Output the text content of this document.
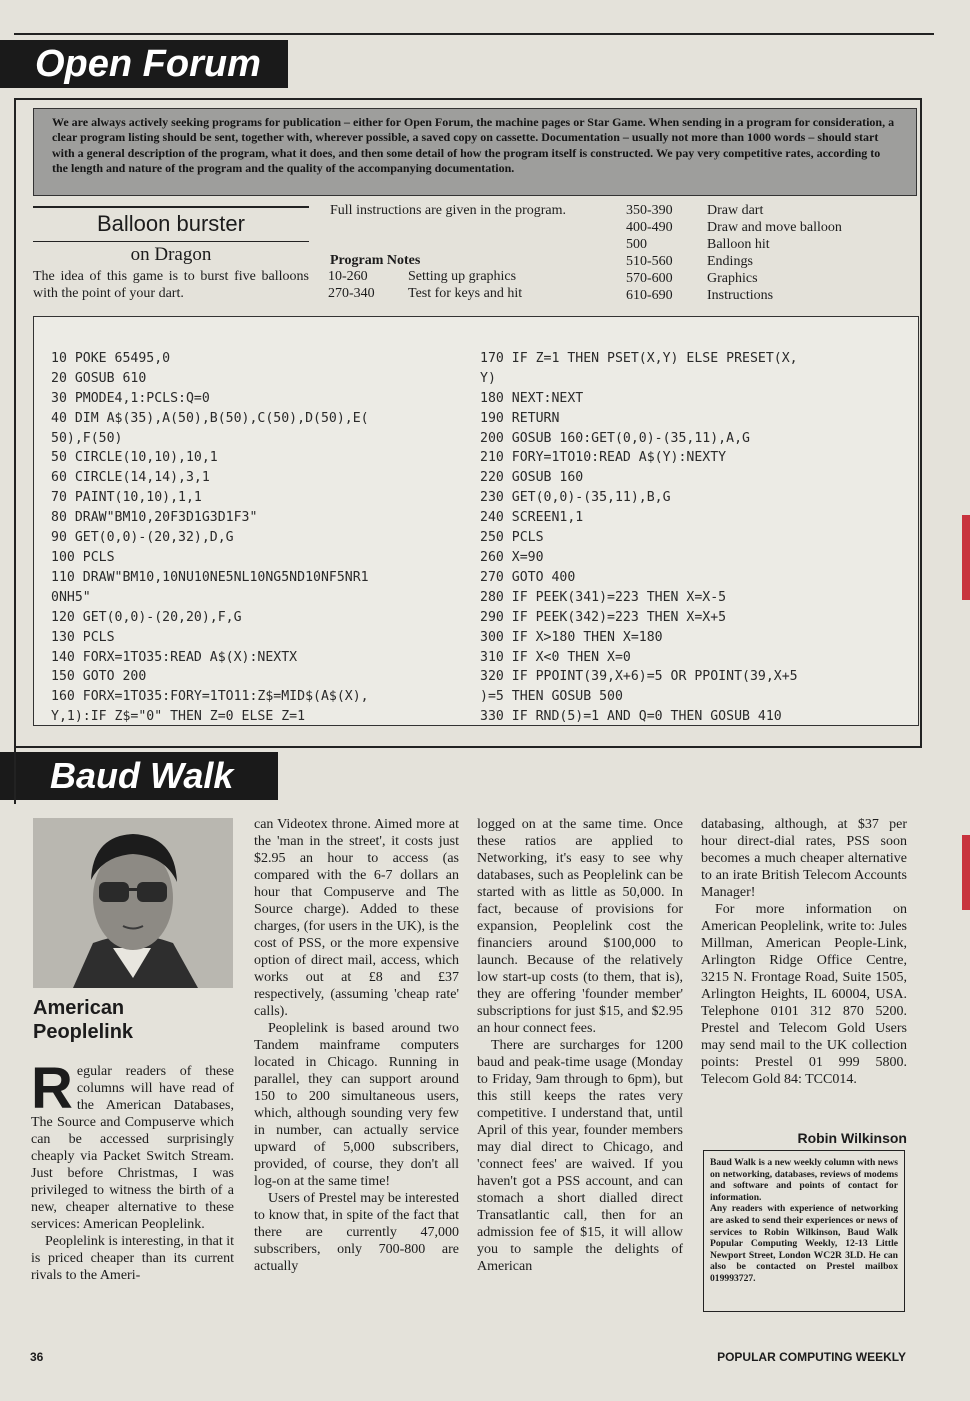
Open Forum
We are always actively seeking programs for publication – either for Open Forum, the machine pages or Star Game. When sending in a program for consideration, a clear program listing should be sent, together with, wherever possible, a saved copy on cassette. Documentation – usually not more than 1000 words – should start with a general description of the program, what it does, and then some detail of how the program itself is constructed. We pay very competitive rates, according to the length and nature of the program and the quality of the accompanying documentation.
Balloon burster
on Dragon
The idea of this game is to burst five balloons with the point of your dart.
Full instructions are given in the program.
Program Notes
10-260	Setting up graphics
270-340	Test for keys and hit
350-390	Draw dart
400-490	Draw and move balloon
500	Balloon hit
510-560	Endings
570-600	Graphics
610-690	Instructions

10 POKE 65495,0
20 GOSUB 610
30 PMODE4,1:PCLS:Q=0
40 DIM A$(35),A(50),B(50),C(50),D(50),E(
50),F(50)
50 CIRCLE(10,10),10,1
60 CIRCLE(14,14),3,1
70 PAINT(10,10),1,1
80 DRAW"BM10,20F3D1G3D1F3"
90 GET(0,0)-(20,32),D,G
100 PCLS
110 DRAW"BM10,10NU10NE5NL10NG5ND10NF5NR1
0NH5"
120 GET(0,0)-(20,20),F,G
130 PCLS
140 FORX=1TO35:READ A$(X):NEXTX
150 GOTO 200
160 FORX=1TO35:FORY=1TO11:Z$=MID$(A$(X),
Y,1):IF Z$="0" THEN Z=0 ELSE Z=1

170 IF Z=1 THEN PSET(X,Y) ELSE PRESET(X,
Y)
180 NEXT:NEXT
190 RETURN
200 GOSUB 160:GET(0,0)-(35,11),A,G
210 FORY=1TO10:READ A$(Y):NEXTY
220 GOSUB 160
230 GET(0,0)-(35,11),B,G
240 SCREEN1,1
250 PCLS
260 X=90
270 GOTO 400
280 IF PEEK(341)=223 THEN X=X-5
290 IF PEEK(342)=223 THEN X=X+5
300 IF X>180 THEN X=180
310 IF X<0 THEN X=0
320 IF PPOINT(39,X+6)=5 OR PPOINT(39,X+5
)=5 THEN GOSUB 500
330 IF RND(5)=1 AND Q=0 THEN GOSUB 410

Baud Walk
American
Peoplelink

Regular readers of these columns will have read of the American Databases, The Source and Compuserve which can be accessed surprisingly cheaply via Packet Switch Stream. Just before Christmas, I was privileged to witness the birth of a new, cheaper alternative to these services: American Peoplelink.

Peoplelink is interesting, in that it is priced cheaper than its current rivals to the Ameri-

can Videotex throne. Aimed more at the 'man in the street', it costs just $2.95 an hour to access (as compared with the 6-7 dollars an hour that Compuserve and The Source charge). Added to these charges, (for users in the UK), is the cost of PSS, or the more expensive option of direct mail, access, which works out at £8 and £37 respectively, (assuming 'cheap rate' calls).

Peoplelink is based around two Tandem mainframe computers located in Chicago. Running in parallel, they can support around 150 to 200 simultaneous users, which, although sounding very few in number, can actually service upward of 5,000 subscribers, provided, of course, they don't all log-on at the same time!

Users of Prestel may be interested to know that, in spite of the fact that there are currently 47,000 subscribers, only 700-800 are actually

logged on at the same time. Once these ratios are applied to Networking, it's easy to see why databases, such as Peoplelink can be started with as little as 50,000. In fact, because of provisions for expansion, Peoplelink cost the financiers around $100,000 to launch. Because of the relatively low start-up costs (to them, that is), they are offering 'founder member' subscriptions for just $15, and $2.95 an hour connect fees.

There are surcharges for 1200 baud and peak-time usage (Monday to Friday, 9am through to 6pm), but this still keeps the rates very competitive. I understand that, until April of this year, founder members may dial direct to Chicago, and 'connect fees' are waived. If you haven't got a PSS account, and can stomach a short dialled direct Transatlantic call, then for an admission fee of $15, it will allow you to sample the delights of American

databasing, although, at $37 per hour direct-dial rates, PSS soon becomes a much cheaper alternative to an irate British Telecom Accounts Manager!

For more information on American Peoplelink, write to: Jules Millman, American People-Link, Arlington Ridge Office Centre, 3215 N. Frontage Road, Suite 1505, Arlington Heights, IL 60004, USA. Telephone 0101 312 870 5200. Prestel and Telecom Gold Users may send mail to the UK collection points: Prestel 01 999 5800. Telecom Gold 84: TCC014.

Robin Wilkinson
Baud Walk is a new weekly column with news on networking, databases, reviews of modems and software and points of contact for information.
Any readers with experience of networking are asked to send their experiences or news of services to Robin Wilkinson, Baud Walk Popular Computing Weekly, 12-13 Little Newport Street, London WC2R 3LD. He can also be contacted on Prestel mailbox 019993727.
36	POPULAR COMPUTING WEEKLY
